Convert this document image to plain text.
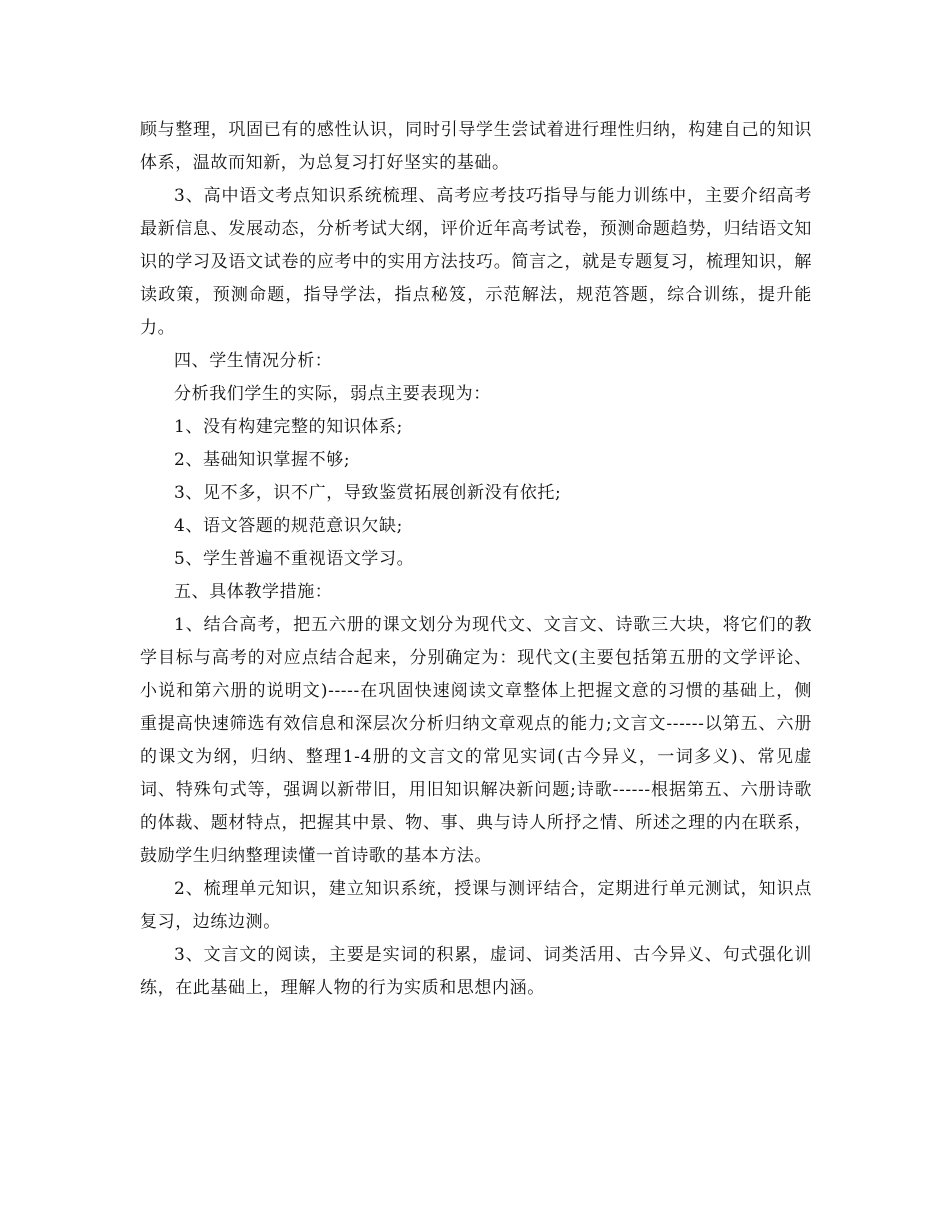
顾与整理，巩固已有的感性认识，同时引导学生尝试着进行理性归纳，构建自己的知识体系，温故而知新，为总复习打好坚实的基础。

3、高中语文考点知识系统梳理、高考应考技巧指导与能力训练中，主要介绍高考最新信息、发展动态，分析考试大纲，评价近年高考试卷，预测命题趋势，归结语文知识的学习及语文试卷的应考中的实用方法技巧。简言之，就是专题复习，梳理知识，解读政策，预测命题，指导学法，指点秘笈，示范解法，规范答题，综合训练，提升能力。

四、学生情况分析：

分析我们学生的实际，弱点主要表现为：

1、没有构建完整的知识体系;

2、基础知识掌握不够;

3、见不多，识不广，导致鉴赏拓展创新没有依托;

4、语文答题的规范意识欠缺;

5、学生普遍不重视语文学习。

五、具体教学措施：

1、结合高考，把五六册的课文划分为现代文、文言文、诗歌三大块，将它们的教学目标与高考的对应点结合起来，分别确定为：现代文(主要包括第五册的文学评论、小说和第六册的说明文)-----在巩固快速阅读文章整体上把握文意的习惯的基础上，侧重提高快速筛选有效信息和深层次分析归纳文章观点的能力;文言文------以第五、六册的课文为纲，归纳、整理1-4册的文言文的常见实词(古今异义，一词多义)、常见虚词、特殊句式等，强调以新带旧，用旧知识解决新问题;诗歌------根据第五、六册诗歌的体裁、题材特点，把握其中景、物、事、典与诗人所抒之情、所述之理的内在联系，鼓励学生归纳整理读懂一首诗歌的基本方法。

2、梳理单元知识，建立知识系统，授课与测评结合，定期进行单元测试，知识点复习，边练边测。

3、文言文的阅读，主要是实词的积累，虚词、词类活用、古今异义、句式强化训练，在此基础上，理解人物的行为实质和思想内涵。
